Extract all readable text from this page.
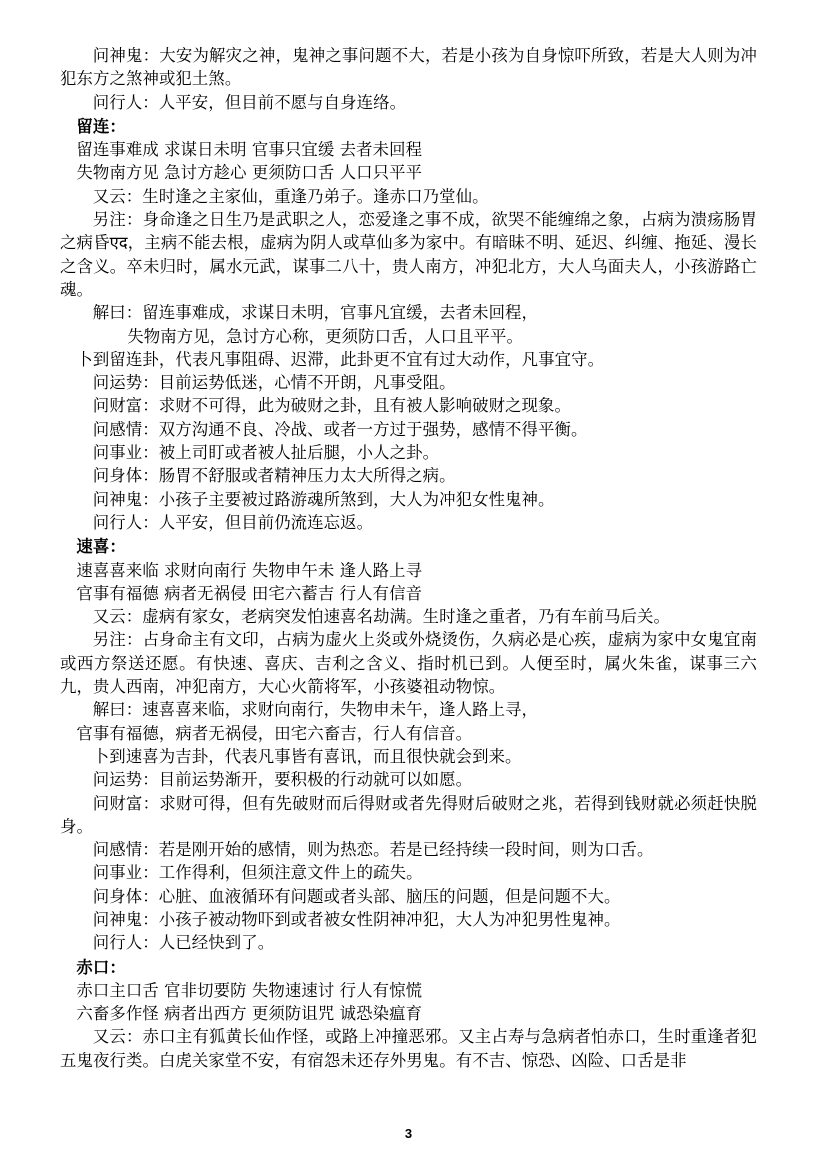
问神鬼：大安为解灾之神，鬼神之事问题不大，若是小孩为自身惊吓所致，若是大人则为冲犯东方之煞神或犯土煞。

问行人：人平安，但目前不愿与自身连络。

留连：

留连事难成 求谋日未明 官事只宜缓 去者未回程

失物南方见 急讨方趁心 更须防口舌 人口只平平

又云：生时逢之主家仙，重逢乃弟子。逢赤口乃堂仙。

另注：身命逢之日生乃是武职之人，恋爱逢之事不成，欲哭不能缠绵之象，占病为溃疡肠胃之病昏एद，主病不能去根，虚病为阴人或草仙多为家中。有暗昧不明、延迟、纠缠、拖延、漫长之含义。卒未归时，属水元武，谋事二八十，贵人南方，冲犯北方，大人乌面夫人，小孩游路亡魂。

解曰：留连事难成，求谋日未明，官事凡宜缓，去者未回程，

失物南方见，急讨方心称，更须防口舌，人口且平平。

卜到留连卦，代表凡事阻碍、迟滞，此卦更不宜有过大动作，凡事宜守。

问运势：目前运势低迷，心情不开朗，凡事受阻。

问财富：求财不可得，此为破财之卦，且有被人影响破财之现象。

问感情：双方沟通不良、冷战、或者一方过于强势，感情不得平衡。

问事业：被上司盯或者被人扯后腿，小人之卦。

问身体：肠胃不舒服或者精神压力太大所得之病。

问神鬼：小孩子主要被过路游魂所煞到，大人为冲犯女性鬼神。

问行人：人平安，但目前仍流连忘返。

速喜：

速喜喜来临 求财向南行 失物申午未 逢人路上寻

官事有福德 病者无祸侵 田宅六蓄吉 行人有信音

又云：虚病有家女，老病突发怕速喜名劫满。生时逢之重者，乃有车前马后关。

另注：占身命主有文印，占病为虚火上炎或外烧烫伤，久病必是心疾，虚病为家中女鬼宜南或西方祭送还愿。有快速、喜庆、吉利之含义、指时机已到。人便至时，属火朱雀，谋事三六九，贵人西南，冲犯南方，大心火箭将军，小孩婆祖动物惊。

解曰：速喜喜来临，求财向南行，失物申未午，逢人路上寻，

官事有福德，病者无祸侵，田宅六畜吉，行人有信音。

卜到速喜为吉卦，代表凡事皆有喜讯，而且很快就会到来。

问运势：目前运势渐开，要积极的行动就可以如愿。

问财富：求财可得，但有先破财而后得财或者先得财后破财之兆，若得到钱财就必须赶快脱身。

问感情：若是刚开始的感情，则为热恋。若是已经持续一段时间，则为口舌。

问事业：工作得利，但须注意文件上的疏失。

问身体：心脏、血液循环有问题或者头部、脑压的问题，但是问题不大。

问神鬼：小孩子被动物吓到或者被女性阴神冲犯，大人为冲犯男性鬼神。

问行人：人已经快到了。

赤口：

赤口主口舌 官非切要防 失物速速讨 行人有惊慌

六畜多作怪 病者出西方 更须防诅咒 诚恐染瘟育

又云：赤口主有狐黄长仙作怪，或路上冲撞恶邪。又主占寿与急病者怕赤口，生时重逢者犯五鬼夜行类。白虎关家堂不安，有宿怨未还存外男鬼。有不吉、惊恐、凶险、口舌是非

3
